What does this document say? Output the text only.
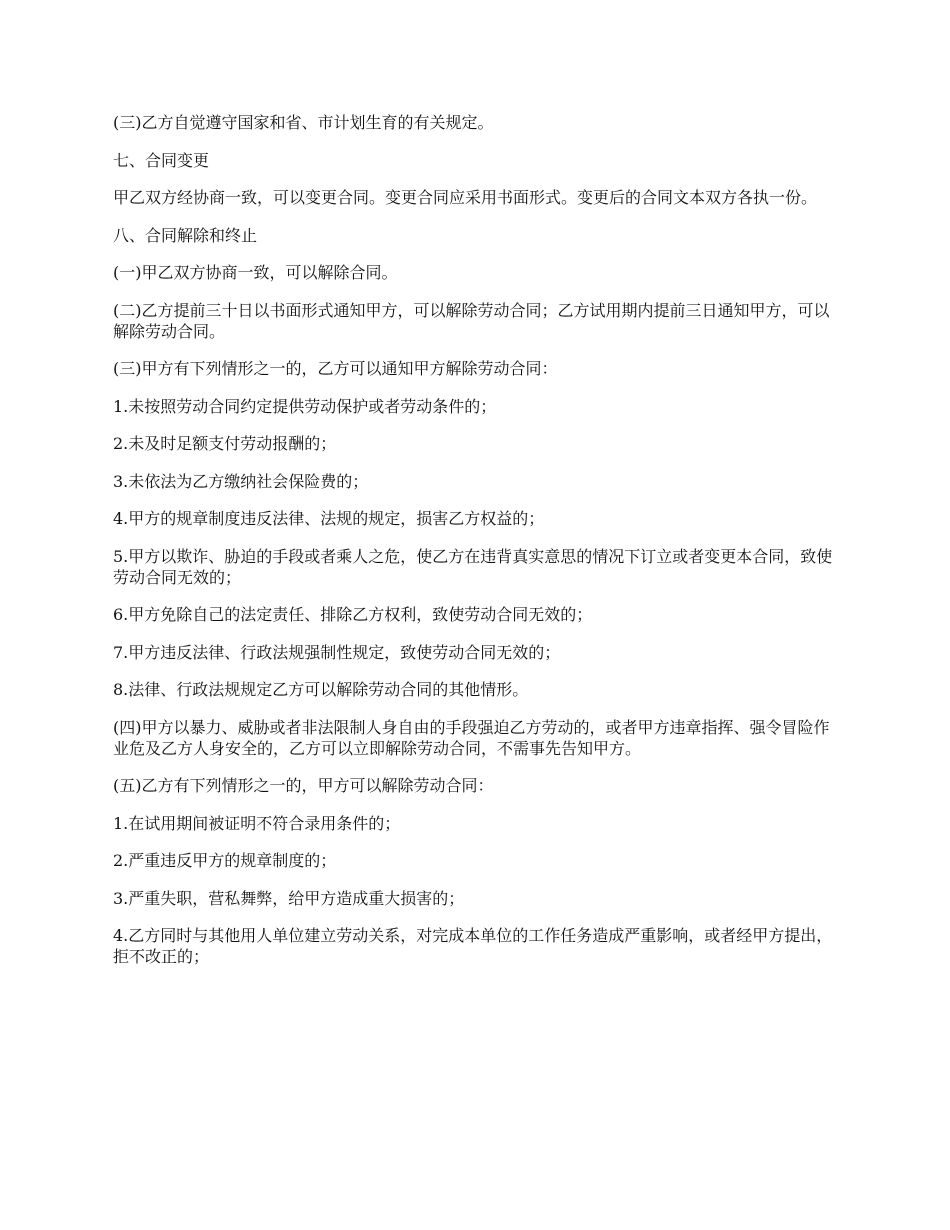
(三)乙方自觉遵守国家和省、市计划生育的有关规定。

七、合同变更

甲乙双方经协商一致，可以变更合同。变更合同应采用书面形式。变更后的合同文本双方各执一份。

八、合同解除和终止

(一)甲乙双方协商一致，可以解除合同。

(二)乙方提前三十日以书面形式通知甲方，可以解除劳动合同；乙方试用期内提前三日通知甲方，可以解除劳动合同。

(三)甲方有下列情形之一的，乙方可以通知甲方解除劳动合同：

1.未按照劳动合同约定提供劳动保护或者劳动条件的；

2.未及时足额支付劳动报酬的；

3.未依法为乙方缴纳社会保险费的；

4.甲方的规章制度违反法律、法规的规定，损害乙方权益的；

5.甲方以欺诈、胁迫的手段或者乘人之危，使乙方在违背真实意思的情况下订立或者变更本合同，致使劳动合同无效的；

6.甲方免除自己的法定责任、排除乙方权利，致使劳动合同无效的；

7.甲方违反法律、行政法规强制性规定，致使劳动合同无效的；

8.法律、行政法规规定乙方可以解除劳动合同的其他情形。

(四)甲方以暴力、威胁或者非法限制人身自由的手段强迫乙方劳动的，或者甲方违章指挥、强令冒险作业危及乙方人身安全的，乙方可以立即解除劳动合同，不需事先告知甲方。

(五)乙方有下列情形之一的，甲方可以解除劳动合同：

1.在试用期间被证明不符合录用条件的；

2.严重违反甲方的规章制度的；

3.严重失职，营私舞弊，给甲方造成重大损害的；

4.乙方同时与其他用人单位建立劳动关系，对完成本单位的工作任务造成严重影响，或者经甲方提出，拒不改正的；
